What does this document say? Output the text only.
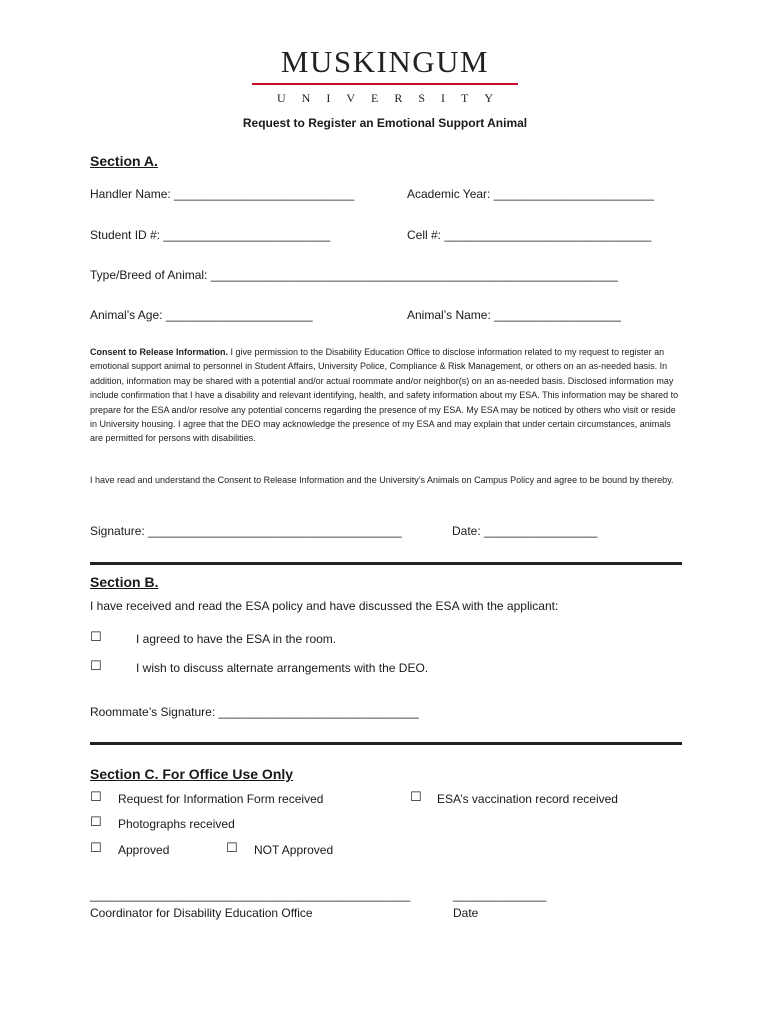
MUSKINGUM
UNIVERSITY
Request to Register an Emotional Support Animal
Section A.
Handler Name: ___________________________	Academic Year: ________________________
Student ID #: _________________________	Cell #: _______________________________
Type/Breed of Animal: _____________________________________________________________
Animal’s Age: ______________________	Animal’s Name: ___________________
Consent to Release Information. I give permission to the Disability Education Office to disclose information related to my request to register an emotional support animal to personnel in Student Affairs, University Police, Compliance & Risk Management, or others on an as-needed basis. In addition, information may be shared with a potential and/or actual roommate and/or neighbor(s) on an as-needed basis. Disclosed information may include confirmation that I have a disability and relevant identifying, health, and safety information about my ESA. This information may be shared to prepare for the ESA and/or resolve any potential concerns regarding the presence of my ESA. My ESA may be noticed by others who visit or reside in University housing. I agree that the DEO may acknowledge the presence of my ESA and may explain that under certain circumstances, animals are permitted for persons with disabilities.
I have read and understand the Consent to Release Information and the University’s Animals on Campus Policy and agree to be bound by thereby.
Signature: ______________________________________	Date: _________________
Section B.
I have received and read the ESA policy and have discussed the ESA with the applicant:
☐	I agreed to have the ESA in the room.
☐	I wish to discuss alternate arrangements with the DEO.
Roommate’s Signature: ______________________________
Section C. For Office Use Only
☐ Request for Information Form received	☐ ESA’s vaccination record received
☐ Photographs received
☐ Approved	☐ NOT Approved
________________________________________________	______________
Coordinator for Disability Education Office	Date
